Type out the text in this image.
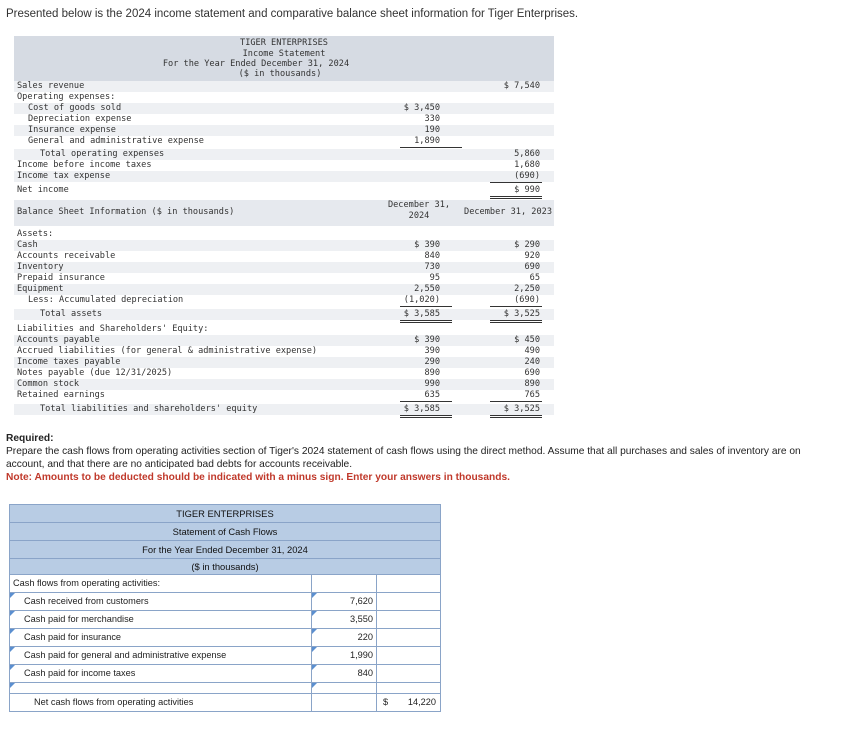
Presented below is the 2024 income statement and comparative balance sheet information for Tiger Enterprises.
TIGER ENTERPRISES
Income Statement
For the Year Ended December 31, 2024
($ in thousands)
Sales revenue	$ 7,540
Operating expenses:
Cost of goods sold	$ 3,450
Depreciation expense	330
Insurance expense	190
General and administrative expense	1,890
Total operating expenses	5,860
Income before income taxes	1,680
Income tax expense	(690)
Net income	$ 990
Balance Sheet Information ($ in thousands)
December 31,
2024	December 31, 2023
Assets:
Cash	$ 390	$ 290
Accounts receivable	840	920
Inventory	730	690
Prepaid insurance	95	65
Equipment	2,550	2,250
Less: Accumulated depreciation	(1,020)	(690)
Total assets	$ 3,585	$ 3,525
Liabilities and Shareholders' Equity:
Accounts payable	$ 390	$ 450
Accrued liabilities (for general & administrative expense)	390	490
Income taxes payable	290	240
Notes payable (due 12/31/2025)	890	690
Common stock	990	890
Retained earnings	635	765
Total liabilities and shareholders' equity	$ 3,585	$ 3,525
Required:
Prepare the cash flows from operating activities section of Tiger's 2024 statement of cash flows using the direct method. Assume that all purchases and sales of inventory are on account, and that there are no anticipated bad debts for accounts receivable.
Note: Amounts to be deducted should be indicated with a minus sign. Enter your answers in thousands.
TIGER ENTERPRISES
Statement of Cash Flows
For the Year Ended December 31, 2024
($ in thousands)
Cash flows from operating activities:
Cash received from customers	7,620
Cash paid for merchandise	3,550
Cash paid for insurance	220
Cash paid for general and administrative expense	1,990
Cash paid for income taxes	840
Net cash flows from operating activities	$ 14,220
